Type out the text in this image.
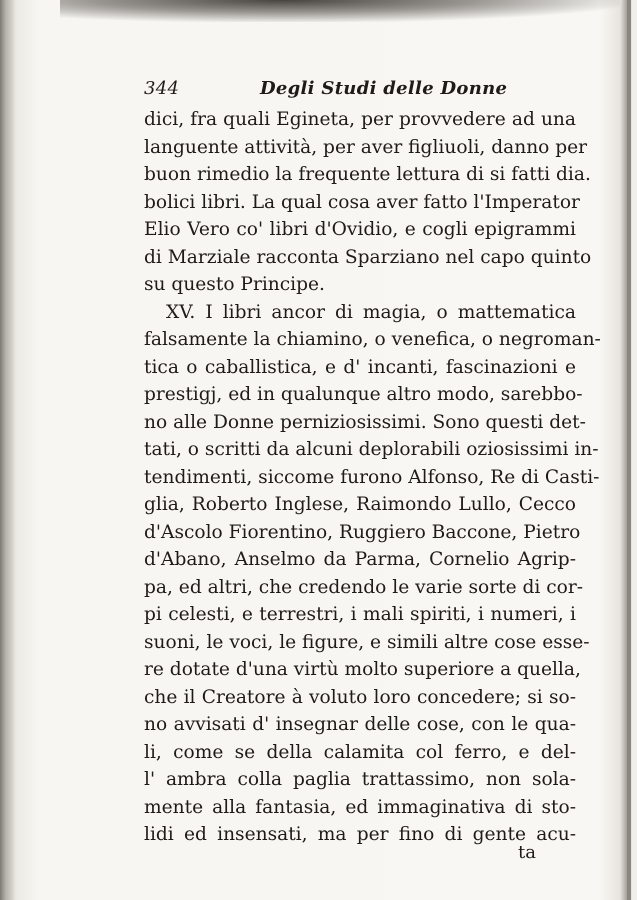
344	Degli Studi delle Donne
dici, fra quali Egineta, per provvedere ad una
languente attività, per aver figliuoli, danno per
buon rimedio la frequente lettura di si fatti dia.
bolici libri. La qual cosa aver fatto l'Imperator
Elio Vero co' libri d'Ovidio, e cogli epigrammi
di Marziale racconta Sparziano nel capo quinto
su questo Principe.
XV. I libri ancor di magia, o mattematica
falsamente la chiamino, o venefica, o negroman-
tica o caballistica, e d' incanti, fascinazioni e
prestigj, ed in qualunque altro modo, sarebbo-
no alle Donne perniziosissimi. Sono questi det-
tati, o scritti da alcuni deplorabili oziosissimi in-
tendimenti, siccome furono Alfonso, Re di Casti-
glia, Roberto Inglese, Raimondo Lullo, Cecco
d'Ascolo Fiorentino, Ruggiero Baccone, Pietro
d'Abano, Anselmo da Parma, Cornelio Agrip-
pa, ed altri, che credendo le varie sorte di cor-
pi celesti, e terrestri, i mali spiriti, i numeri, i
suoni, le voci, le figure, e simili altre cose esse-
re dotate d'una virtù molto superiore a quella,
che il Creatore à voluto loro concedere; si so-
no avvisati d' insegnar delle cose, con le qua-
li, come se della calamita col ferro, e del-
l' ambra colla paglia trattassimo, non sola-
mente alla fantasia, ed immaginativa di sto-
lidi ed insensati, ma per fino di gente acu-
ta
